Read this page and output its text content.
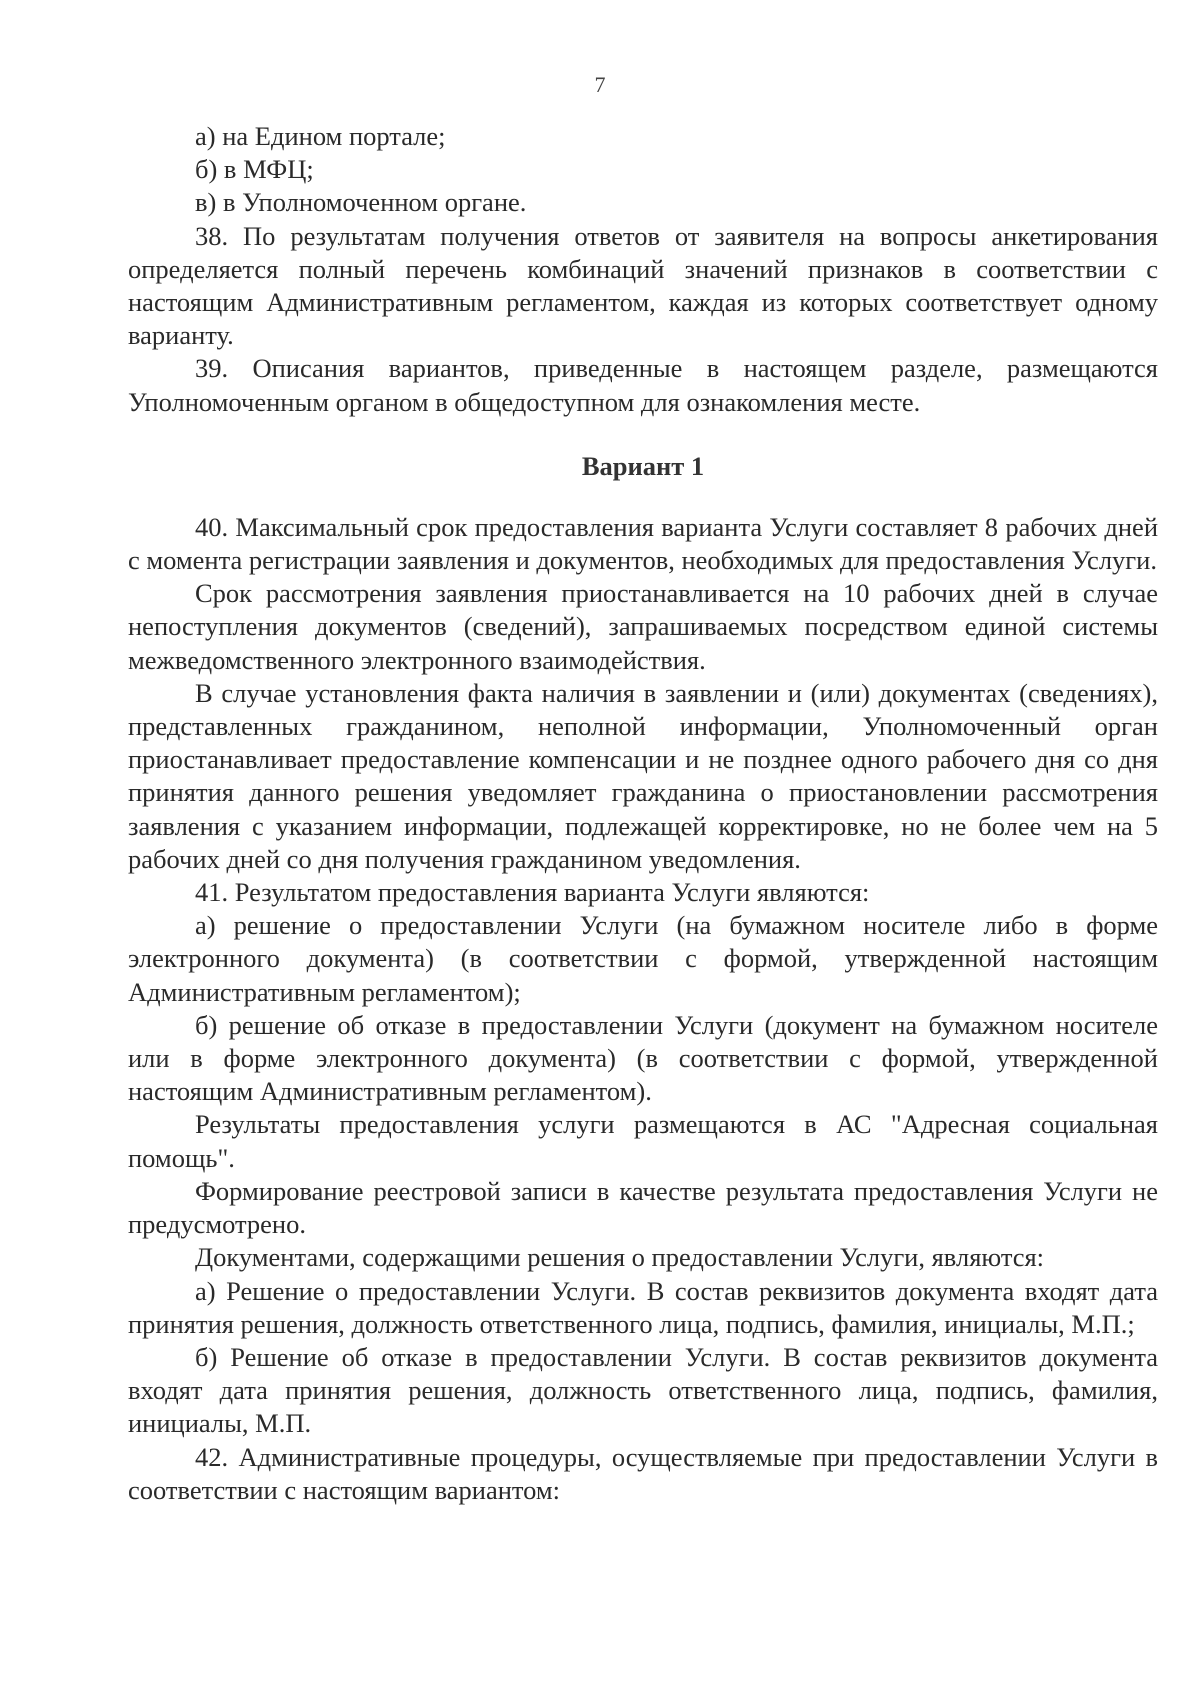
7

а) на Едином портале;

б) в МФЦ;

в) в Уполномоченном органе.

38. По результатам получения ответов от заявителя на вопросы анкетирования определяется полный перечень комбинаций значений признаков в соответствии с настоящим Административным регламентом, каждая из которых соответствует одному варианту.

39. Описания вариантов, приведенные в настоящем разделе, размещаются Уполномоченным органом в общедоступном для ознакомления месте.

Вариант 1

40. Максимальный срок предоставления варианта Услуги составляет 8 рабочих дней с момента регистрации заявления и документов, необходимых для предоставления Услуги.

Срок рассмотрения заявления приостанавливается на 10 рабочих дней в случае непоступления документов (сведений), запрашиваемых посредством единой системы межведомственного электронного взаимодействия.

В случае установления факта наличия в заявлении и (или) документах (сведениях), представленных гражданином, неполной информации, Уполномоченный орган приостанавливает предоставление компенсации и не позднее одного рабочего дня со дня принятия данного решения уведомляет гражданина о приостановлении рассмотрения заявления с указанием информации, подлежащей корректировке, но не более чем на 5 рабочих дней со дня получения гражданином уведомления.

41. Результатом предоставления варианта Услуги являются:

а) решение о предоставлении Услуги (на бумажном носителе либо в форме электронного документа) (в соответствии с формой, утвержденной настоящим Административным регламентом);

б) решение об отказе в предоставлении Услуги (документ на бумажном носителе или в форме электронного документа) (в соответствии с формой, утвержденной настоящим Административным регламентом).

Результаты предоставления услуги размещаются в АС "Адресная социальная помощь".

Формирование реестровой записи в качестве результата предоставления Услуги не предусмотрено.

Документами, содержащими решения о предоставлении Услуги, являются:

а) Решение о предоставлении Услуги. В состав реквизитов документа входят дата принятия решения, должность ответственного лица, подпись, фамилия, инициалы, М.П.;

б) Решение об отказе в предоставлении Услуги. В состав реквизитов документа входят дата принятия решения, должность ответственного лица, подпись, фамилия, инициалы, М.П.

42. Административные процедуры, осуществляемые при предоставлении Услуги в соответствии с настоящим вариантом:
